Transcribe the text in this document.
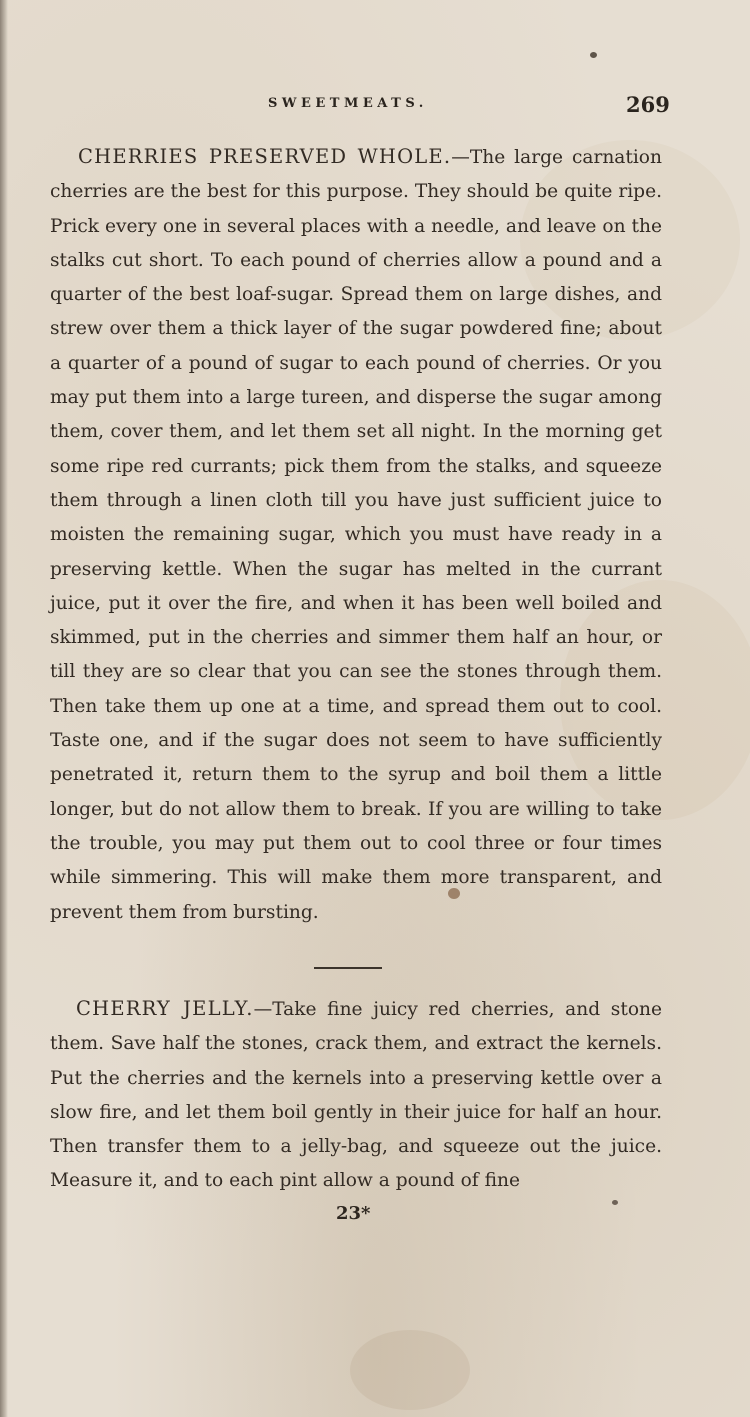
SWEETMEATS.	269

CHERRIES PRESERVED WHOLE.—The large carnation cherries are the best for this purpose. They should be quite ripe. Prick every one in several places with a needle, and leave on the stalks cut short. To each pound of cherries allow a pound and a quarter of the best loaf-sugar. Spread them on large dishes, and strew over them a thick layer of the sugar powdered fine; about a quarter of a pound of sugar to each pound of cherries. Or you may put them into a large tureen, and disperse the sugar among them, cover them, and let them set all night. In the morning get some ripe red currants; pick them from the stalks, and squeeze them through a linen cloth till you have just sufficient juice to moisten the remaining sugar, which you must have ready in a preserving kettle. When the sugar has melted in the currant juice, put it over the fire, and when it has been well boiled and skimmed, put in the cherries and simmer them half an hour, or till they are so clear that you can see the stones through them. Then take them up one at a time, and spread them out to cool. Taste one, and if the sugar does not seem to have sufficiently penetrated it, return them to the syrup and boil them a little longer, but do not allow them to break. If you are willing to take the trouble, you may put them out to cool three or four times while simmering. This will make them more transparent, and prevent them from bursting.

CHERRY JELLY.—Take fine juicy red cherries, and stone them. Save half the stones, crack them, and extract the kernels. Put the cherries and the kernels into a preserving kettle over a slow fire, and let them boil gently in their juice for half an hour. Then transfer them to a jelly-bag, and squeeze out the juice. Measure it, and to each pint allow a pound of fine

23*
